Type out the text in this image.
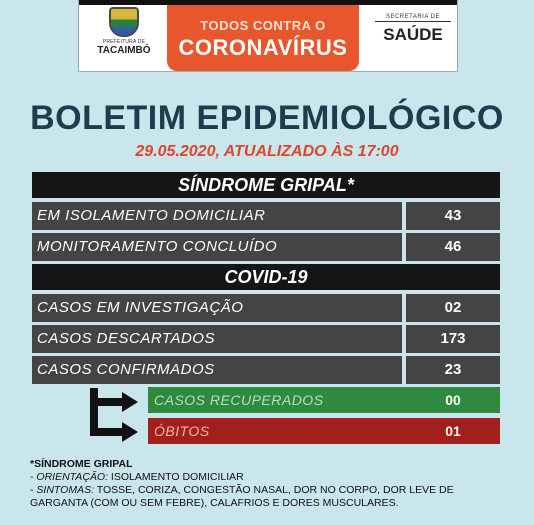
PREFEITURA DE
TACAIMBÓ
TODOS CONTRA O
CORONAVÍRUS
SECRETARIA DE
SAÚDE
BOLETIM EPIDEMIOLÓGICO
29.05.2020, ATUALIZADO ÀS 17:00
SÍNDROME GRIPAL*
EM ISOLAMENTO DOMICILIAR	43
MONITORAMENTO CONCLUÍDO	46
COVID-19
CASOS EM INVESTIGAÇÃO	02
CASOS DESCARTADOS	173
CASOS CONFIRMADOS	23
CASOS RECUPERADOS	00
ÓBITOS	01
*SÍNDROME GRIPAL
- ORIENTAÇÃO: ISOLAMENTO DOMICILIAR
- SINTOMAS: TOSSE, CORIZA, CONGESTÃO NASAL, DOR NO CORPO, DOR LEVE DE GARGANTA (COM OU SEM FEBRE), CALAFRIOS E DORES MUSCULARES.
